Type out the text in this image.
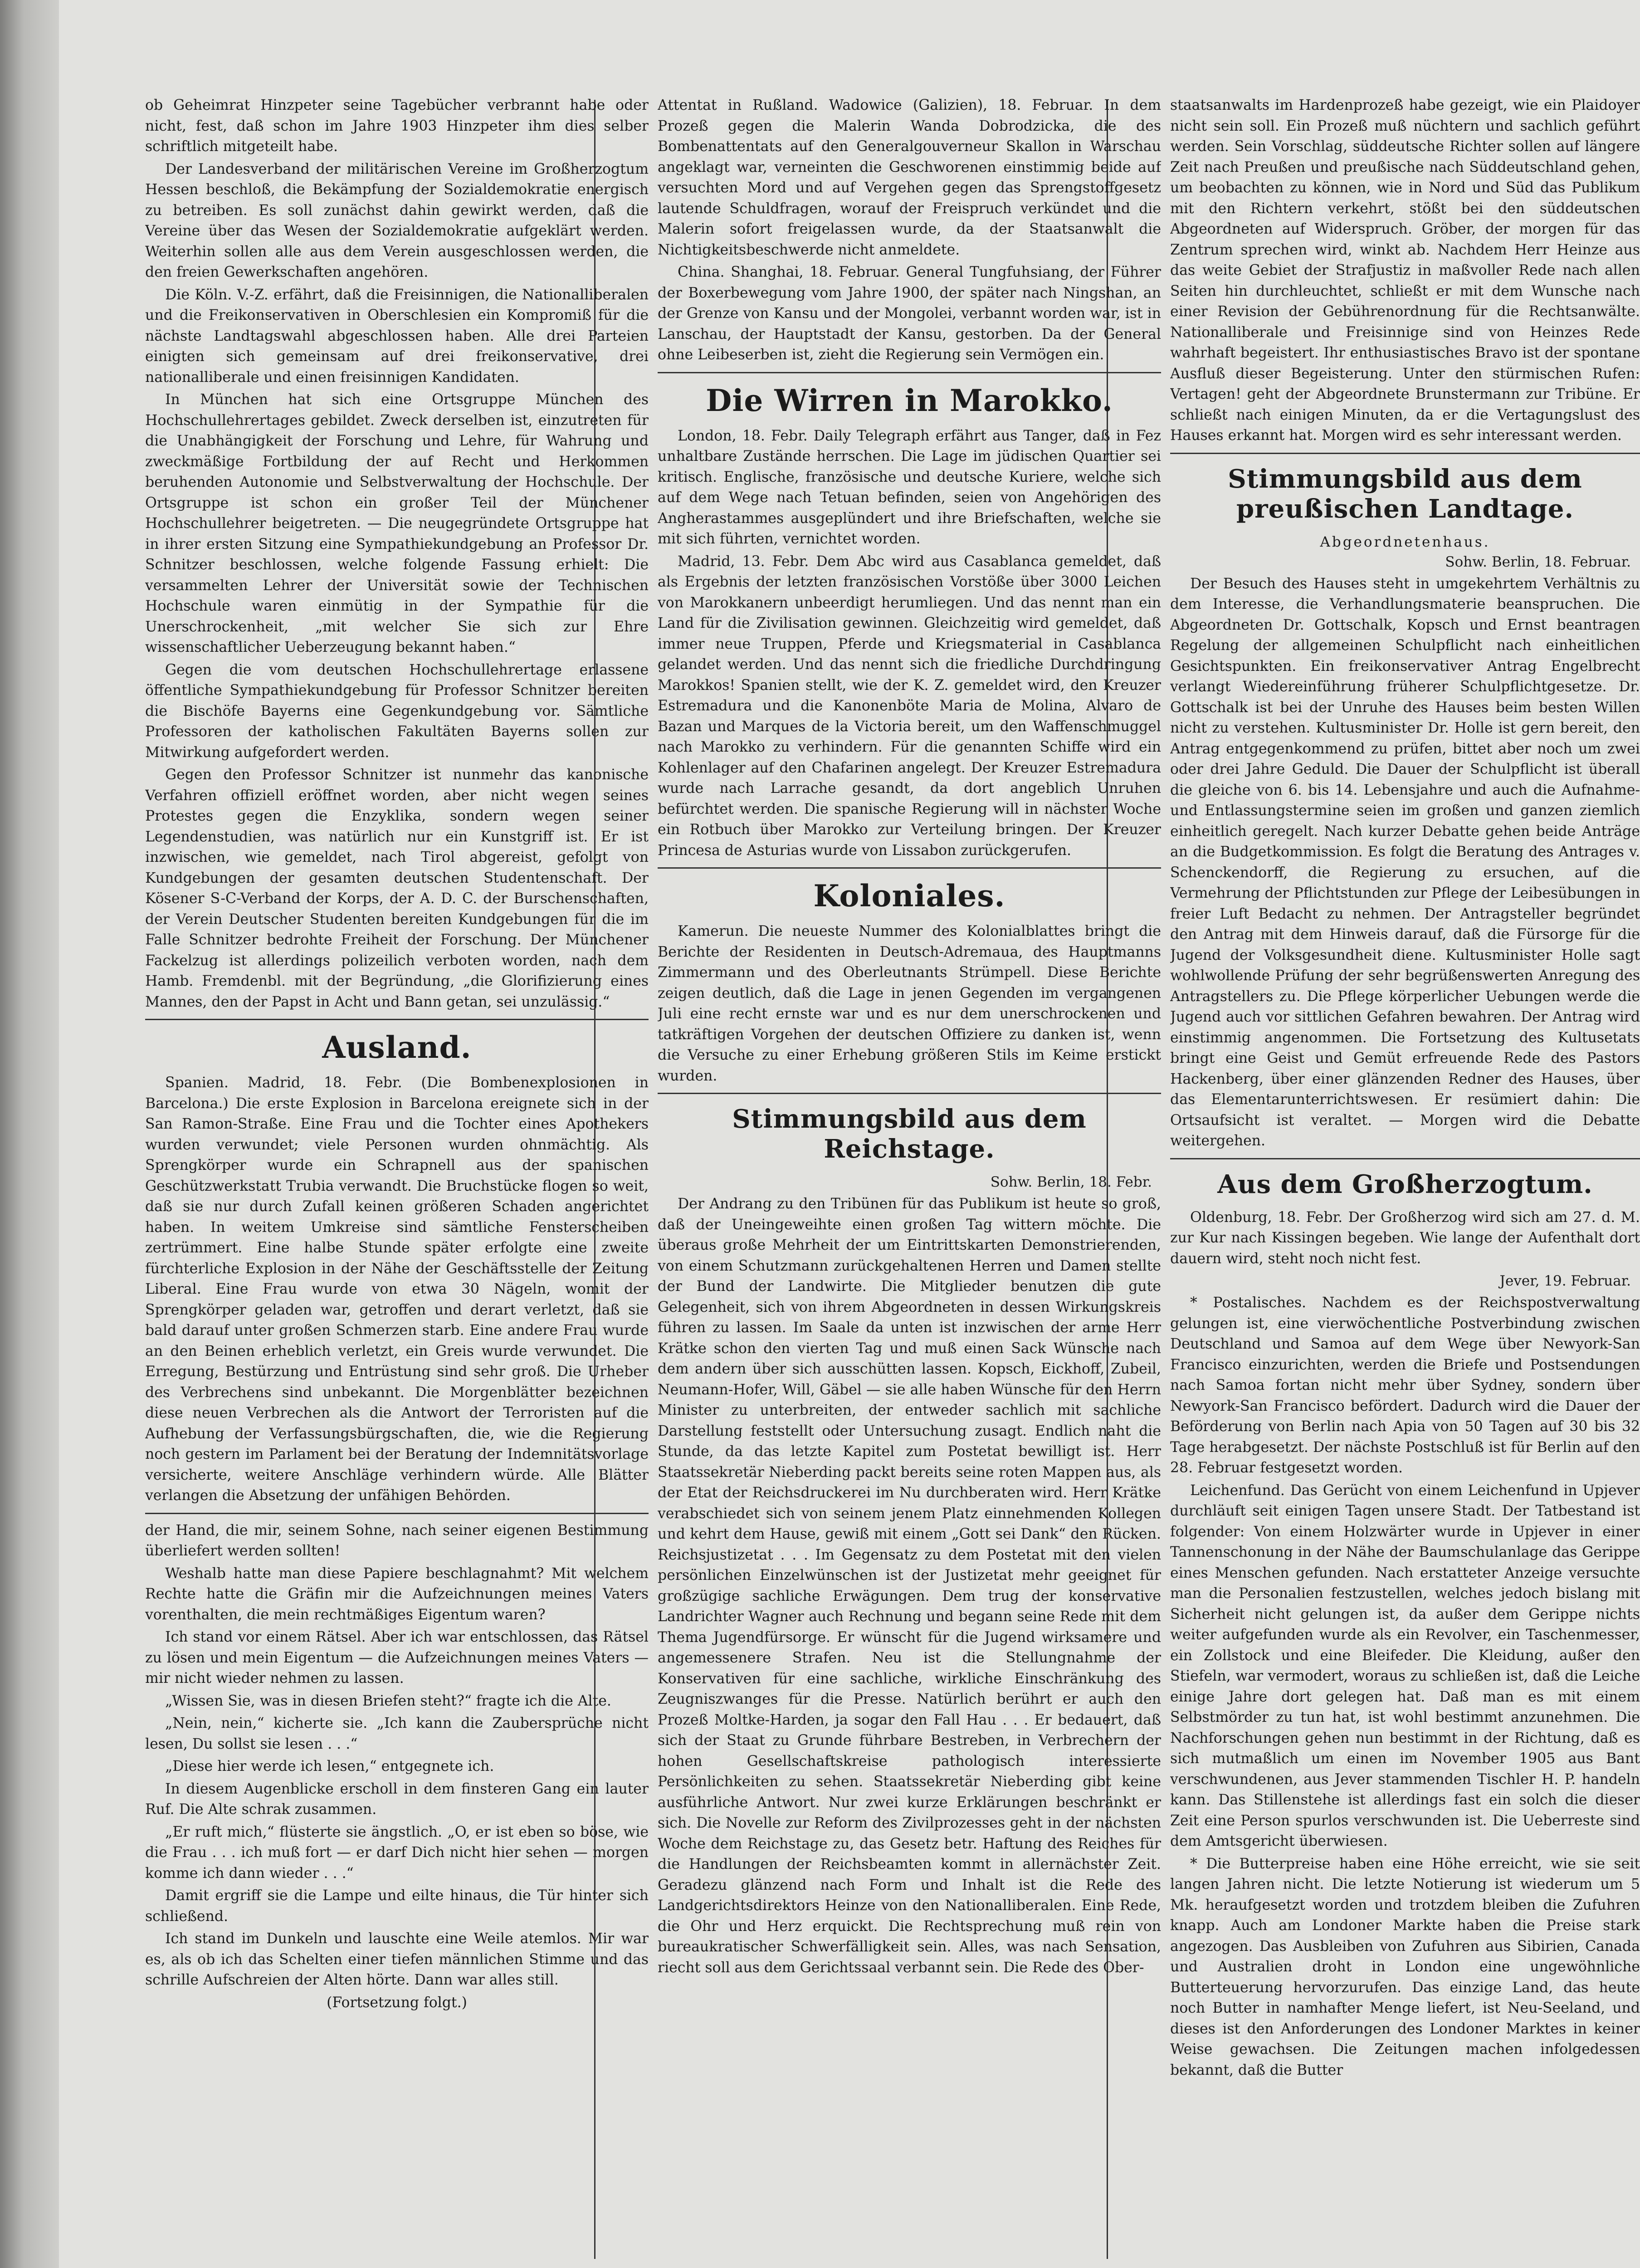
ob Geheimrat Hinzpeter seine Tagebücher verbrannt habe oder nicht, fest, daß schon im Jahre 1903 Hinzpeter ihm dies selber schriftlich mitgeteilt habe.

Der Landesverband der militärischen Vereine im Großherzogtum Hessen beschloß, die Bekämpfung der Sozialdemokratie energisch zu betreiben. Es soll zunächst dahin gewirkt werden, daß die Vereine über das Wesen der Sozialdemokratie aufgeklärt werden. Weiterhin sollen alle aus dem Verein ausgeschlossen werden, die den freien Gewerkschaften angehören.

Die Köln. V.-Z. erfährt, daß die Freisinnigen, die Nationalliberalen und die Freikonservativen in Oberschlesien ein Kompromiß für die nächste Landtagswahl abgeschlossen haben. Alle drei Parteien einigten sich gemeinsam auf drei freikonservative, drei nationalliberale und einen freisinnigen Kandidaten.

In München hat sich eine Ortsgruppe München des Hochschullehrertages gebildet. Zweck derselben ist, einzutreten für die Unabhängigkeit der Forschung und Lehre, für Wahrung und zweckmäßige Fortbildung der auf Recht und Herkommen beruhenden Autonomie und Selbstverwaltung der Hochschule. Der Ortsgruppe ist schon ein großer Teil der Münchener Hochschullehrer beigetreten. — Die neugegründete Ortsgruppe hat in ihrer ersten Sitzung eine Sympathiekundgebung an Professor Dr. Schnitzer beschlossen, welche folgende Fassung erhielt: Die versammelten Lehrer der Universität sowie der Technischen Hochschule waren einmütig in der Sympathie für die Unerschrockenheit, „mit welcher Sie sich zur Ehre wissenschaftlicher Ueberzeugung bekannt haben.“

Gegen die vom deutschen Hochschullehrertage erlassene öffentliche Sympathiekundgebung für Professor Schnitzer bereiten die Bischöfe Bayerns eine Gegenkundgebung vor. Sämtliche Professoren der katholischen Fakultäten Bayerns sollen zur Mitwirkung aufgefordert werden.

Gegen den Professor Schnitzer ist nunmehr das kanonische Verfahren offiziell eröffnet worden, aber nicht wegen seines Protestes gegen die Enzyklika, sondern wegen seiner Legendenstudien, was natürlich nur ein Kunstgriff ist. Er ist inzwischen, wie gemeldet, nach Tirol abgereist, gefolgt von Kundgebungen der gesamten deutschen Studentenschaft. Der Kösener S-C-Verband der Korps, der A. D. C. der Burschenschaften, der Verein Deutscher Studenten bereiten Kundgebungen für die im Falle Schnitzer bedrohte Freiheit der Forschung. Der Münchener Fackelzug ist allerdings polizeilich verboten worden, nach dem Hamb. Fremdenbl. mit der Begründung, „die Glorifizierung eines Mannes, den der Papst in Acht und Bann getan, sei unzulässig.“

Ausland.

Spanien. Madrid, 18. Febr. (Die Bombenexplosionen in Barcelona.) Die erste Explosion in Barcelona ereignete sich in der San Ramon-Straße. Eine Frau und die Tochter eines Apothekers wurden verwundet; viele Personen wurden ohnmächtig. Als Sprengkörper wurde ein Schrapnell aus der spanischen Geschützwerkstatt Trubia verwandt. Die Bruchstücke flogen so weit, daß sie nur durch Zufall keinen größeren Schaden angerichtet haben. In weitem Umkreise sind sämtliche Fensterscheiben zertrümmert. Eine halbe Stunde später erfolgte eine zweite fürchterliche Explosion in der Nähe der Geschäftsstelle der Zeitung Liberal. Eine Frau wurde von etwa 30 Nägeln, womit der Sprengkörper geladen war, getroffen und derart verletzt, daß sie bald darauf unter großen Schmerzen starb. Eine andere Frau wurde an den Beinen erheblich verletzt, ein Greis wurde verwundet. Die Erregung, Bestürzung und Entrüstung sind sehr groß. Die Urheber des Verbrechens sind unbekannt. Die Morgenblätter bezeichnen diese neuen Verbrechen als die Antwort der Terroristen auf die Aufhebung der Verfassungsbürgschaften, die, wie die Regierung noch gestern im Parlament bei der Beratung der Indemnitätsvorlage versicherte, weitere Anschläge verhindern würde. Alle Blätter verlangen die Absetzung der unfähigen Behörden.

der Hand, die mir, seinem Sohne, nach seiner eigenen Bestimmung überliefert werden sollten!

Weshalb hatte man diese Papiere beschlagnahmt? Mit welchem Rechte hatte die Gräfin mir die Aufzeichnungen meines Vaters vorenthalten, die mein rechtmäßiges Eigentum waren?

Ich stand vor einem Rätsel. Aber ich war entschlossen, das Rätsel zu lösen und mein Eigentum — die Aufzeichnungen meines Vaters — mir nicht wieder nehmen zu lassen.

„Wissen Sie, was in diesen Briefen steht?“ fragte ich die Alte.

„Nein, nein,“ kicherte sie. „Ich kann die Zaubersprüche nicht lesen, Du sollst sie lesen . . .“

„Diese hier werde ich lesen,“ entgegnete ich.

In diesem Augenblicke erscholl in dem finsteren Gang ein lauter Ruf. Die Alte schrak zusammen.

„Er ruft mich,“ flüsterte sie ängstlich. „O, er ist eben so böse, wie die Frau . . . ich muß fort — er darf Dich nicht hier sehen — morgen komme ich dann wieder . . .“

Damit ergriff sie die Lampe und eilte hinaus, die Tür hinter sich schließend.

Ich stand im Dunkeln und lauschte eine Weile atemlos. Mir war es, als ob ich das Schelten einer tiefen männlichen Stimme und das schrille Aufschreien der Alten hörte. Dann war alles still.

(Fortsetzung folgt.)

Attentat in Rußland. Wadowice (Galizien), 18. Februar. In dem Prozeß gegen die Malerin Wanda Dobrodzicka, die des Bombenattentats auf den Generalgouverneur Skallon in Warschau angeklagt war, verneinten die Geschworenen einstimmig beide auf versuchten Mord und auf Vergehen gegen das Sprengstoffgesetz lautende Schuldfragen, worauf der Freispruch verkündet und die Malerin sofort freigelassen wurde, da der Staatsanwalt die Nichtigkeitsbeschwerde nicht anmeldete.

China. Shanghai, 18. Februar. General Tungfuhsiang, der Führer der Boxerbewegung vom Jahre 1900, der später nach Ningshan, an der Grenze von Kansu und der Mongolei, verbannt worden war, ist in Lanschau, der Hauptstadt der Kansu, gestorben. Da der General ohne Leibeserben ist, zieht die Regierung sein Vermögen ein.

Die Wirren in Marokko.

London, 18. Febr. Daily Telegraph erfährt aus Tanger, daß in Fez unhaltbare Zustände herrschen. Die Lage im jüdischen Quartier sei kritisch. Englische, französische und deutsche Kuriere, welche sich auf dem Wege nach Tetuan befinden, seien von Angehörigen des Angherastammes ausgeplündert und ihre Briefschaften, welche sie mit sich führten, vernichtet worden.

Madrid, 13. Febr. Dem Abc wird aus Casablanca gemeldet, daß als Ergebnis der letzten französischen Vorstöße über 3000 Leichen von Marokkanern unbeerdigt herumliegen. Und das nennt man ein Land für die Zivilisation gewinnen. Gleichzeitig wird gemeldet, daß immer neue Truppen, Pferde und Kriegsmaterial in Casablanca gelandet werden. Und das nennt sich die friedliche Durchdringung Marokkos! Spanien stellt, wie der K. Z. gemeldet wird, den Kreuzer Estremadura und die Kanonenböte Maria de Molina, Alvaro de Bazan und Marques de la Victoria bereit, um den Waffenschmuggel nach Marokko zu verhindern. Für die genannten Schiffe wird ein Kohlenlager auf den Chafarinen angelegt. Der Kreuzer Estremadura wurde nach Larrache gesandt, da dort angeblich Unruhen befürchtet werden. Die spanische Regierung will in nächster Woche ein Rotbuch über Marokko zur Verteilung bringen. Der Kreuzer Princesa de Asturias wurde von Lissabon zurückgerufen.

Koloniales.

Kamerun. Die neueste Nummer des Kolonialblattes bringt die Berichte der Residenten in Deutsch-Adremaua, des Hauptmanns Zimmermann und des Oberleutnants Strümpell. Diese Berichte zeigen deutlich, daß die Lage in jenen Gegenden im vergangenen Juli eine recht ernste war und es nur dem unerschrockenen und tatkräftigen Vorgehen der deutschen Offiziere zu danken ist, wenn die Versuche zu einer Erhebung größeren Stils im Keime erstickt wurden.

Stimmungsbild aus dem Reichstage.
Sohw. Berlin, 18. Febr.

Der Andrang zu den Tribünen für das Publikum ist heute so groß, daß der Uneingeweihte einen großen Tag wittern möchte. Die überaus große Mehrheit der um Eintrittskarten Demonstrierenden, von einem Schutzmann zurückgehaltenen Herren und Damen stellte der Bund der Landwirte. Die Mitglieder benutzen die gute Gelegenheit, sich von ihrem Abgeordneten in dessen Wirkungskreis führen zu lassen. Im Saale da unten ist inzwischen der arme Herr Krätke schon den vierten Tag und muß einen Sack Wünsche nach dem andern über sich ausschütten lassen. Kopsch, Eickhoff, Zubeil, Neumann-Hofer, Will, Gäbel — sie alle haben Wünsche für den Herrn Minister zu unterbreiten, der entweder sachlich mit sachliche Darstellung feststellt oder Untersuchung zusagt. Endlich naht die Stunde, da das letzte Kapitel zum Postetat bewilligt ist. Herr Staatssekretär Nieberding packt bereits seine roten Mappen aus, als der Etat der Reichsdruckerei im Nu durchberaten wird. Herr Krätke verabschiedet sich von seinem jenem Platz einnehmenden Kollegen und kehrt dem Hause, gewiß mit einem „Gott sei Dank“ den Rücken. Reichsjustizetat . . . Im Gegensatz zu dem Postetat mit den vielen persönlichen Einzelwünschen ist der Justizetat mehr geeignet für großzügige sachliche Erwägungen. Dem trug der konservative Landrichter Wagner auch Rechnung und begann seine Rede mit dem Thema Jugendfürsorge. Er wünscht für die Jugend wirksamere und angemessenere Strafen. Neu ist die Stellungnahme der Konservativen für eine sachliche, wirkliche Einschränkung des Zeugniszwanges für die Presse. Natürlich berührt er auch den Prozeß Moltke-Harden, ja sogar den Fall Hau . . . Er bedauert, daß sich der Staat zu Grunde führbare Bestreben, in Verbrechern der hohen Gesellschaftskreise pathologisch interessierte Persönlichkeiten zu sehen. Staatssekretär Nieberding gibt keine ausführliche Antwort. Nur zwei kurze Erklärungen beschränkt er sich. Die Novelle zur Reform des Zivilprozesses geht in der nächsten Woche dem Reichstage zu, das Gesetz betr. Haftung des Reiches für die Handlungen der Reichsbeamten kommt in allernächster Zeit. Geradezu glänzend nach Form und Inhalt ist die Rede des Landgerichtsdirektors Heinze von den Nationalliberalen. Eine Rede, die Ohr und Herz erquickt. Die Rechtsprechung muß rein von bureaukratischer Schwerfälligkeit sein. Alles, was nach Sensation, riecht soll aus dem Gerichtssaal verbannt sein. Die Rede des Ober-

staatsanwalts im Hardenprozeß habe gezeigt, wie ein Plaidoyer nicht sein soll. Ein Prozeß muß nüchtern und sachlich geführt werden. Sein Vorschlag, süddeutsche Richter sollen auf längere Zeit nach Preußen und preußische nach Süddeutschland gehen, um beobachten zu können, wie in Nord und Süd das Publikum mit den Richtern verkehrt, stößt bei den süddeutschen Abgeordneten auf Widerspruch. Gröber, der morgen für das Zentrum sprechen wird, winkt ab. Nachdem Herr Heinze aus das weite Gebiet der Strafjustiz in maßvoller Rede nach allen Seiten hin durchleuchtet, schließt er mit dem Wunsche nach einer Revision der Gebührenordnung für die Rechtsanwälte. Nationalliberale und Freisinnige sind von Heinzes Rede wahrhaft begeistert. Ihr enthusiastisches Bravo ist der spontane Ausfluß dieser Begeisterung. Unter den stürmischen Rufen: Vertagen! geht der Abgeordnete Brunstermann zur Tribüne. Er schließt nach einigen Minuten, da er die Vertagungslust des Hauses erkannt hat. Morgen wird es sehr interessant werden.

Stimmungsbild aus dem preußischen Landtage.
Abgeordnetenhaus.
Sohw. Berlin, 18. Februar.

Der Besuch des Hauses steht in umgekehrtem Verhältnis zu dem Interesse, die Verhandlungsmaterie beanspruchen. Die Abgeordneten Dr. Gottschalk, Kopsch und Ernst beantragen Regelung der allgemeinen Schulpflicht nach einheitlichen Gesichtspunkten. Ein freikonservativer Antrag Engelbrecht verlangt Wiedereinführung früherer Schulpflichtgesetze. Dr. Gottschalk ist bei der Unruhe des Hauses beim besten Willen nicht zu verstehen. Kultusminister Dr. Holle ist gern bereit, den Antrag entgegenkommend zu prüfen, bittet aber noch um zwei oder drei Jahre Geduld. Die Dauer der Schulpflicht ist überall die gleiche von 6. bis 14. Lebensjahre und auch die Aufnahme- und Entlassungstermine seien im großen und ganzen ziemlich einheitlich geregelt. Nach kurzer Debatte gehen beide Anträge an die Budgetkommission. Es folgt die Beratung des Antrages v. Schenckendorff, die Regierung zu ersuchen, auf die Vermehrung der Pflichtstunden zur Pflege der Leibesübungen in freier Luft Bedacht zu nehmen. Der Antragsteller begründet den Antrag mit dem Hinweis darauf, daß die Fürsorge für die Jugend der Volksgesundheit diene. Kultusminister Holle sagt wohlwollende Prüfung der sehr begrüßenswerten Anregung des Antragstellers zu. Die Pflege körperlicher Uebungen werde die Jugend auch vor sittlichen Gefahren bewahren. Der Antrag wird einstimmig angenommen. Die Fortsetzung des Kultusetats bringt eine Geist und Gemüt erfreuende Rede des Pastors Hackenberg, über einer glänzenden Redner des Hauses, über das Elementarunterrichtswesen. Er resümiert dahin: Die Ortsaufsicht ist veraltet. — Morgen wird die Debatte weitergehen.

Aus dem Großherzogtum.

Oldenburg, 18. Febr. Der Großherzog wird sich am 27. d. M. zur Kur nach Kissingen begeben. Wie lange der Aufenthalt dort dauern wird, steht noch nicht fest.

Jever, 19. Februar.

* Postalisches. Nachdem es der Reichspostverwaltung gelungen ist, eine vierwöchentliche Postverbindung zwischen Deutschland und Samoa auf dem Wege über Newyork-San Francisco einzurichten, werden die Briefe und Postsendungen nach Samoa fortan nicht mehr über Sydney, sondern über Newyork-San Francisco befördert. Dadurch wird die Dauer der Beförderung von Berlin nach Apia von 50 Tagen auf 30 bis 32 Tage herabgesetzt. Der nächste Postschluß ist für Berlin auf den 28. Februar festgesetzt worden.

Leichenfund. Das Gerücht von einem Leichenfund in Upjever durchläuft seit einigen Tagen unsere Stadt. Der Tatbestand ist folgender: Von einem Holzwärter wurde in Upjever in einer Tannenschonung in der Nähe der Baumschulanlage das Gerippe eines Menschen gefunden. Nach erstatteter Anzeige versuchte man die Personalien festzustellen, welches jedoch bislang mit Sicherheit nicht gelungen ist, da außer dem Gerippe nichts weiter aufgefunden wurde als ein Revolver, ein Taschenmesser, ein Zollstock und eine Bleifeder. Die Kleidung, außer den Stiefeln, war vermodert, woraus zu schließen ist, daß die Leiche einige Jahre dort gelegen hat. Daß man es mit einem Selbstmörder zu tun hat, ist wohl bestimmt anzunehmen. Die Nachforschungen gehen nun bestimmt in der Richtung, daß es sich mutmaßlich um einen im November 1905 aus Bant verschwundenen, aus Jever stammenden Tischler H. P. handeln kann. Das Stillenstehe ist allerdings fast ein solch die dieser Zeit eine Person spurlos verschwunden ist. Die Ueberreste sind dem Amtsgericht überwiesen.

* Die Butterpreise haben eine Höhe erreicht, wie sie seit langen Jahren nicht. Die letzte Notierung ist wiederum um 5 Mk. heraufgesetzt worden und trotzdem bleiben die Zufuhren knapp. Auch am Londoner Markte haben die Preise stark angezogen. Das Ausbleiben von Zufuhren aus Sibirien, Canada und Australien droht in London eine ungewöhnliche Butterteuerung hervorzurufen. Das einzige Land, das heute noch Butter in namhafter Menge liefert, ist Neu-Seeland, und dieses ist den Anforderungen des Londoner Marktes in keiner Weise gewachsen. Die Zeitungen machen infolgedessen bekannt, daß die Butter
